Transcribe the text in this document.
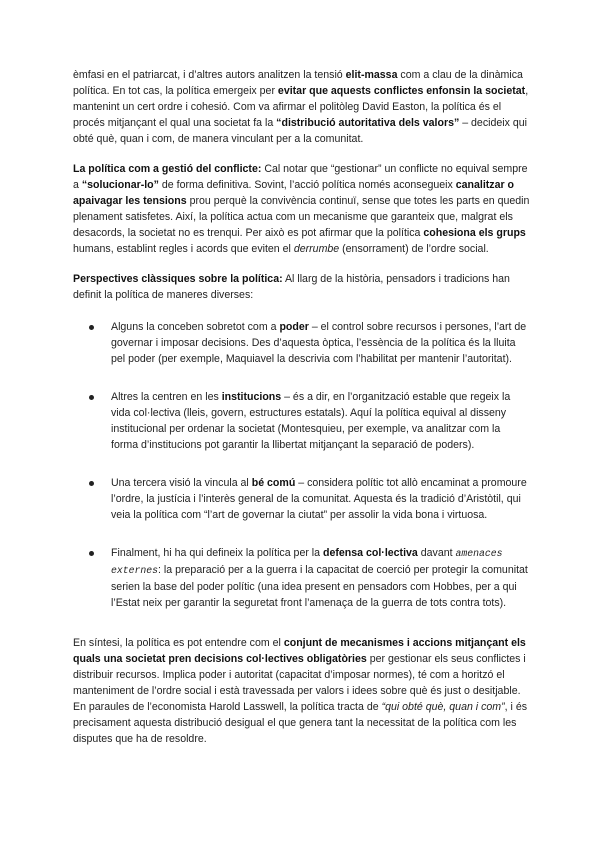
èmfasi en el patriarcat, i d’altres autors analitzen la tensió elit-massa com a clau de la dinàmica política. En tot cas, la política emergeix per evitar que aquests conflictes enfonsin la societat, mantenint un cert ordre i cohesió. Com va afirmar el politòleg David Easton, la política és el procés mitjançant el qual una societat fa la “distribució autoritativa dels valors” – decideix qui obté què, quan i com, de manera vinculant per a la comunitat.

La política com a gestió del conflicte: Cal notar que “gestionar” un conflicte no equival sempre a “solucionar-lo” de forma definitiva. Sovint, l’acció política només aconsegueix canalitzar o apaivagar les tensions prou perquè la convivència continuï, sense que totes les parts en quedin plenament satisfetes. Així, la política actua com un mecanisme que garanteix que, malgrat els desacords, la societat no es trenqui. Per això es pot afirmar que la política cohesiona els grups humans, establint regles i acords que eviten el derrumbe (ensorrament) de l’ordre social.

Perspectives clàssiques sobre la política: Al llarg de la història, pensadors i tradicions han definit la política de maneres diverses:

Alguns la conceben sobretot com a poder – el control sobre recursos i persones, l’art de governar i imposar decisions. Des d’aquesta òptica, l’essència de la política és la lluita pel poder (per exemple, Maquiavel la descrivia com l’habilitat per mantenir l’autoritat).
Altres la centren en les institucions – és a dir, en l’organització estable que regeix la vida col·lectiva (lleis, govern, estructures estatals). Aquí la política equival al disseny institucional per ordenar la societat (Montesquieu, per exemple, va analitzar com la forma d’institucions pot garantir la llibertat mitjançant la separació de poders).
Una tercera visió la vincula al bé comú – considera polític tot allò encaminat a promoure l’ordre, la justícia i l’interès general de la comunitat. Aquesta és la tradició d’Aristòtil, qui veia la política com “l’art de governar la ciutat” per assolir la vida bona i virtuosa.
Finalment, hi ha qui defineix la política per la defensa col·lectiva davant amenaces externes: la preparació per a la guerra i la capacitat de coerció per protegir la comunitat serien la base del poder polític (una idea present en pensadors com Hobbes, per a qui l’Estat neix per garantir la seguretat front l’amenaça de la guerra de tots contra tots).

En síntesi, la política es pot entendre com el conjunt de mecanismes i accions mitjançant els quals una societat pren decisions col·lectives obligatòries per gestionar els seus conflictes i distribuir recursos. Implica poder i autoritat (capacitat d’imposar normes), té com a horitzó el manteniment de l’ordre social i està travessada per valors i idees sobre què és just o desitjable. En paraules de l’economista Harold Lasswell, la política tracta de “qui obté què, quan i com”, i és precisament aquesta distribució desigual el que genera tant la necessitat de la política com les disputes que ha de resoldre.
